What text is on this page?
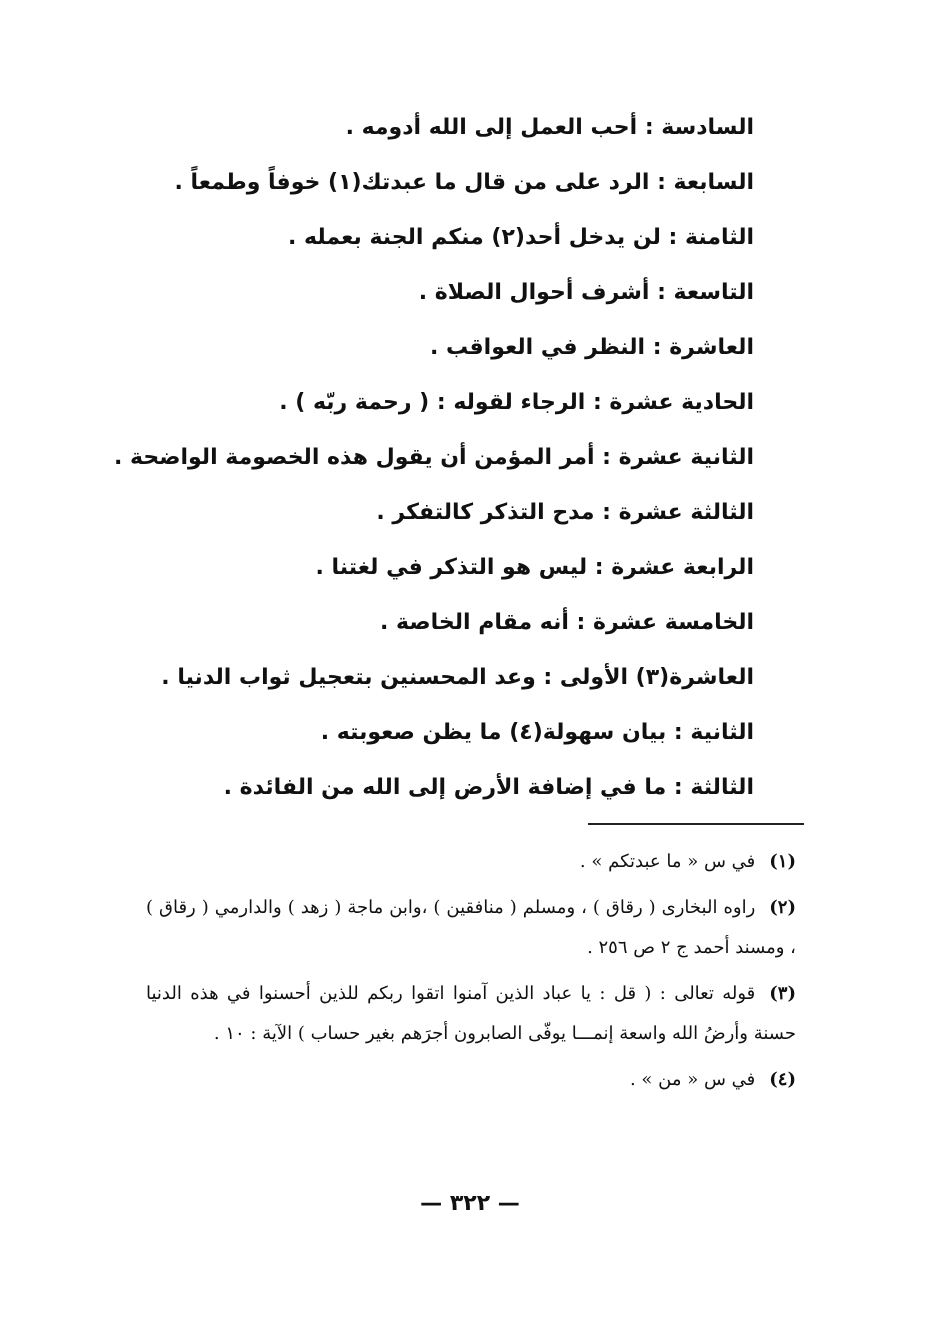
السادسة : أحب العمل إلى الله أدومه .
السابعة : الرد على من قال ما عبدتك(١) خوفاً وطمعاً .
الثامنة : لن يدخل أحد(٢) منكم الجنة بعمله .
التاسعة : أشرف أحوال الصلاة .
العاشرة : النظر في العواقب .
الحادية عشرة : الرجاء لقوله : ( رحمة ربّه ) .
الثانية عشرة : أمر المؤمن أن يقول هذه الخصومة الواضحة .
الثالثة عشرة : مدح التذكر كالتفكر .
الرابعة عشرة : ليس هو التذكر في لغتنا .
الخامسة عشرة : أنه مقام الخاصة .
العاشرة(٣) الأولى : وعد المحسنين بتعجيل ثواب الدنيا .
الثانية : بيان سهولة(٤) ما يظن صعوبته .
الثالثة : ما في إضافة الأرض إلى الله من الفائدة .
(١)في س « ما عبدتكم » .
(٢)راوه البخارى ( رقاق ) ، ومسلم ( منافقين ) ،وابن ماجة ( زهد ) والدارمي ( رقاق ) ، ومسند أحمد ج ٢ ص ٢٥٦ .
(٣)قوله تعالى : ( قل : يا عباد الذين آمنوا اتقوا ربكم للذين أحسنوا في هذه الدنيا حسنة وأرضُ الله واسعة إنمـــا يوفّى الصابرون أجرَهم بغير حساب ) الآية : ١٠ .
(٤)في س « من » .
— ٣٢٢ —
